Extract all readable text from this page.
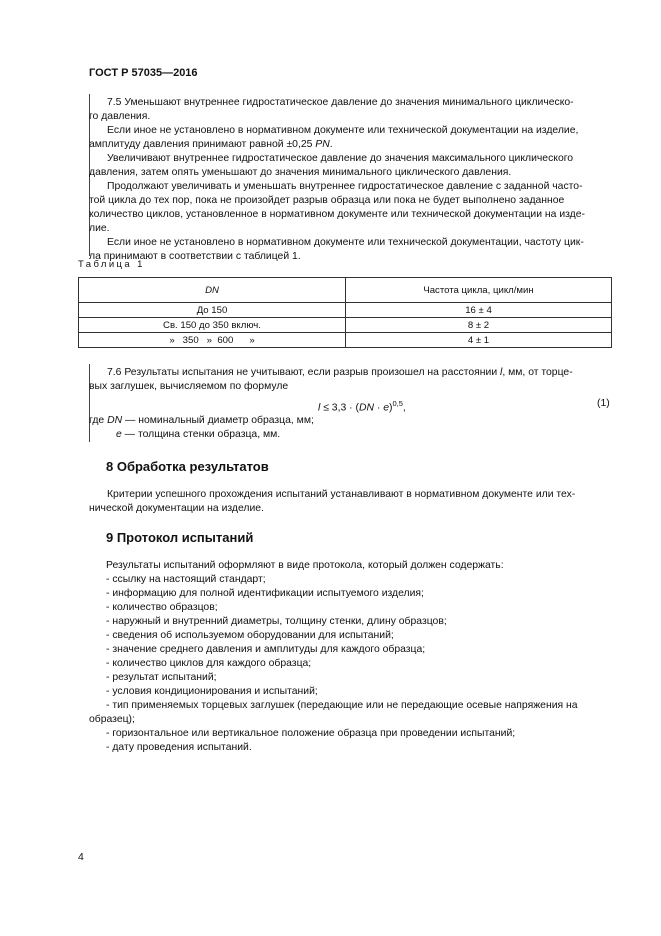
ГОСТ Р 57035—2016
7.5 Уменьшают внутреннее гидростатическое давление до значения минимального циклическо-
го давления.
Если иное не установлено в нормативном документе или технической документации на изделие,
амплитуду давления принимают равной ±0,25 PN.
Увеличивают внутреннее гидростатическое давление до значения максимального циклического
давления, затем опять уменьшают до значения минимального циклического давления.
Продолжают увеличивать и уменьшать внутреннее гидростатическое давление с заданной часто-
той цикла до тех пор, пока не произойдет разрыв образца или пока не будет выполнено заданное
количество циклов, установленное в нормативном документе или технической документации на изде-
лие.
Если иное не установлено в нормативном документе или технической документации, частоту цик-
ла принимают в соответствии с таблицей 1.
Таблица 1
DN	Частота цикла, цикл/мин
До 150	16 ± 4
Св. 150 до 350 включ.	8 ± 2
»   350   »  600      »	4 ± 1
7.6 Результаты испытания не учитывают, если разрыв произошел на расстоянии l, мм, от торце-
вых заглушек, вычисляемом по формуле
l ≤ 3,3 · (DN · e)$^{0,5}$,	(1)
где DN — номинальный диаметр образца, мм;
e — толщина стенки образца, мм.
8 Обработка результатов
Критерии успешного прохождения испытаний устанавливают в нормативном документе или тех-
нической документации на изделие.
9 Протокол испытаний
Результаты испытаний оформляют в виде протокола, который должен содержать:
- ссылку на настоящий стандарт;
- информацию для полной идентификации испытуемого изделия;
- количество образцов;
- наружный и внутренний диаметры, толщину стенки, длину образцов;
- сведения об используемом оборудовании для испытаний;
- значение среднего давления и амплитуды для каждого образца;
- количество циклов для каждого образца;
- результат испытаний;
- условия кондиционирования и испытаний;
- тип применяемых торцевых заглушек (передающие или не передающие осевые напряжения на
образец);
- горизонтальное или вертикальное положение образца при проведении испытаний;
- дату проведения испытаний.
4
